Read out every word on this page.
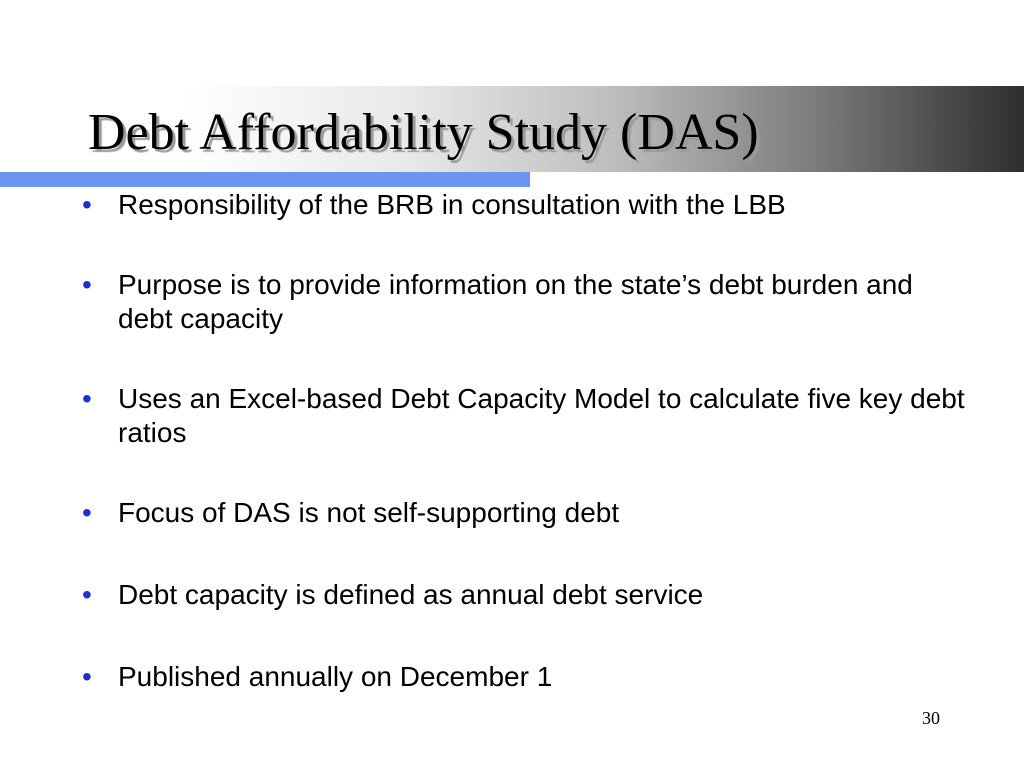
Debt Affordability Study (DAS)
• Responsibility of the BRB in consultation with the LBB
• Purpose is to provide information on the state’s debt burden and debt capacity
• Uses an Excel-based Debt Capacity Model to calculate five key debt ratios
• Focus of DAS is not self-supporting debt
• Debt capacity is defined as annual debt service
• Published annually on December 1
30
